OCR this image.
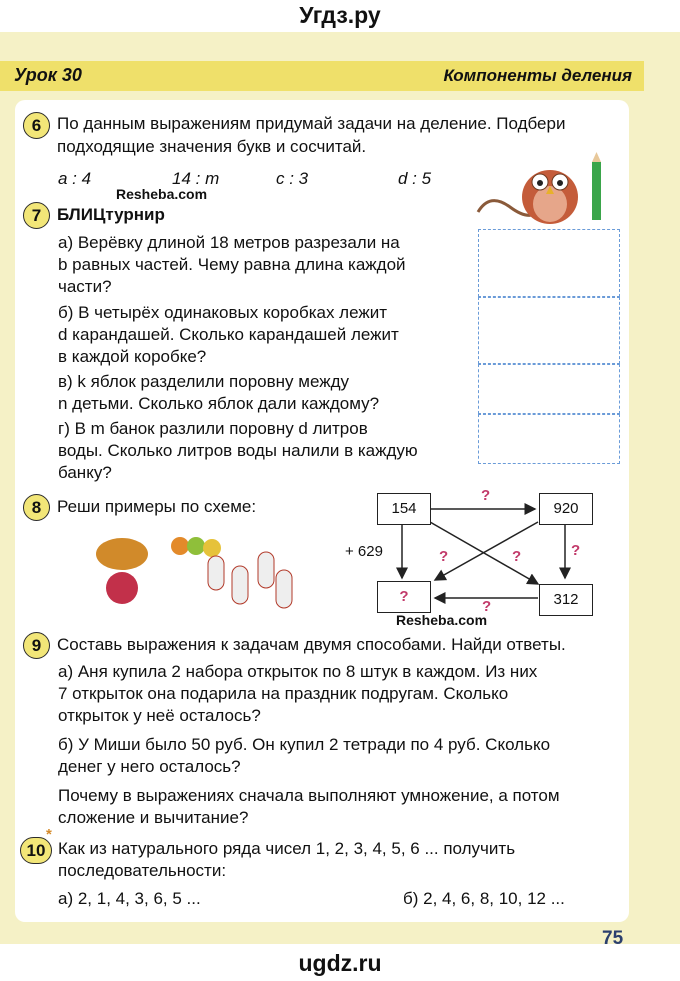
Угдз.ру
Урок 30	Компоненты деления
6 По данным выражениям придумай задачи на деление. Подбери
подходящие значения букв и сосчитай.
a : 4	14 : m	c : 3	d : 5
Resheba.com
7 БЛИЦтурнир
а) Верёвку длиной 18 метров разрезали на
b равных частей. Чему равна длина каждой
части?
б) В четырёх одинаковых коробках лежит
d карандашей. Сколько карандашей лежит
в каждой коробке?
в) k яблок разделили поровну между
n детьми. Сколько яблок дали каждому?
г) В m банок разлили поровну d литров
воды. Сколько литров воды налили в каждую
банку?
8 Реши примеры по схеме:	154	920
?	312
+ 629
?
?
?	?
?
Resheba.com
9 Составь выражения к задачам двумя способами. Найди ответы.
а) Аня купила 2 набора открыток по 8 штук в каждом. Из них
7 открыток она подарила на праздник подругам. Сколько
открыток у неё осталось?
б) У Миши было 50 руб. Он купил 2 тетради по 4 руб. Сколько
денег у него осталось?
Почему в выражениях сначала выполняют умножение, а потом
сложение и вычитание?
10
*
Как из натурального ряда чисел 1, 2, 3, 4, 5, 6 ... получить
последовательности:
а) 2, 1, 4, 3, 6, 5 ...	б) 2, 4, 6, 8, 10, 12 ...
75
ugdz.ru
